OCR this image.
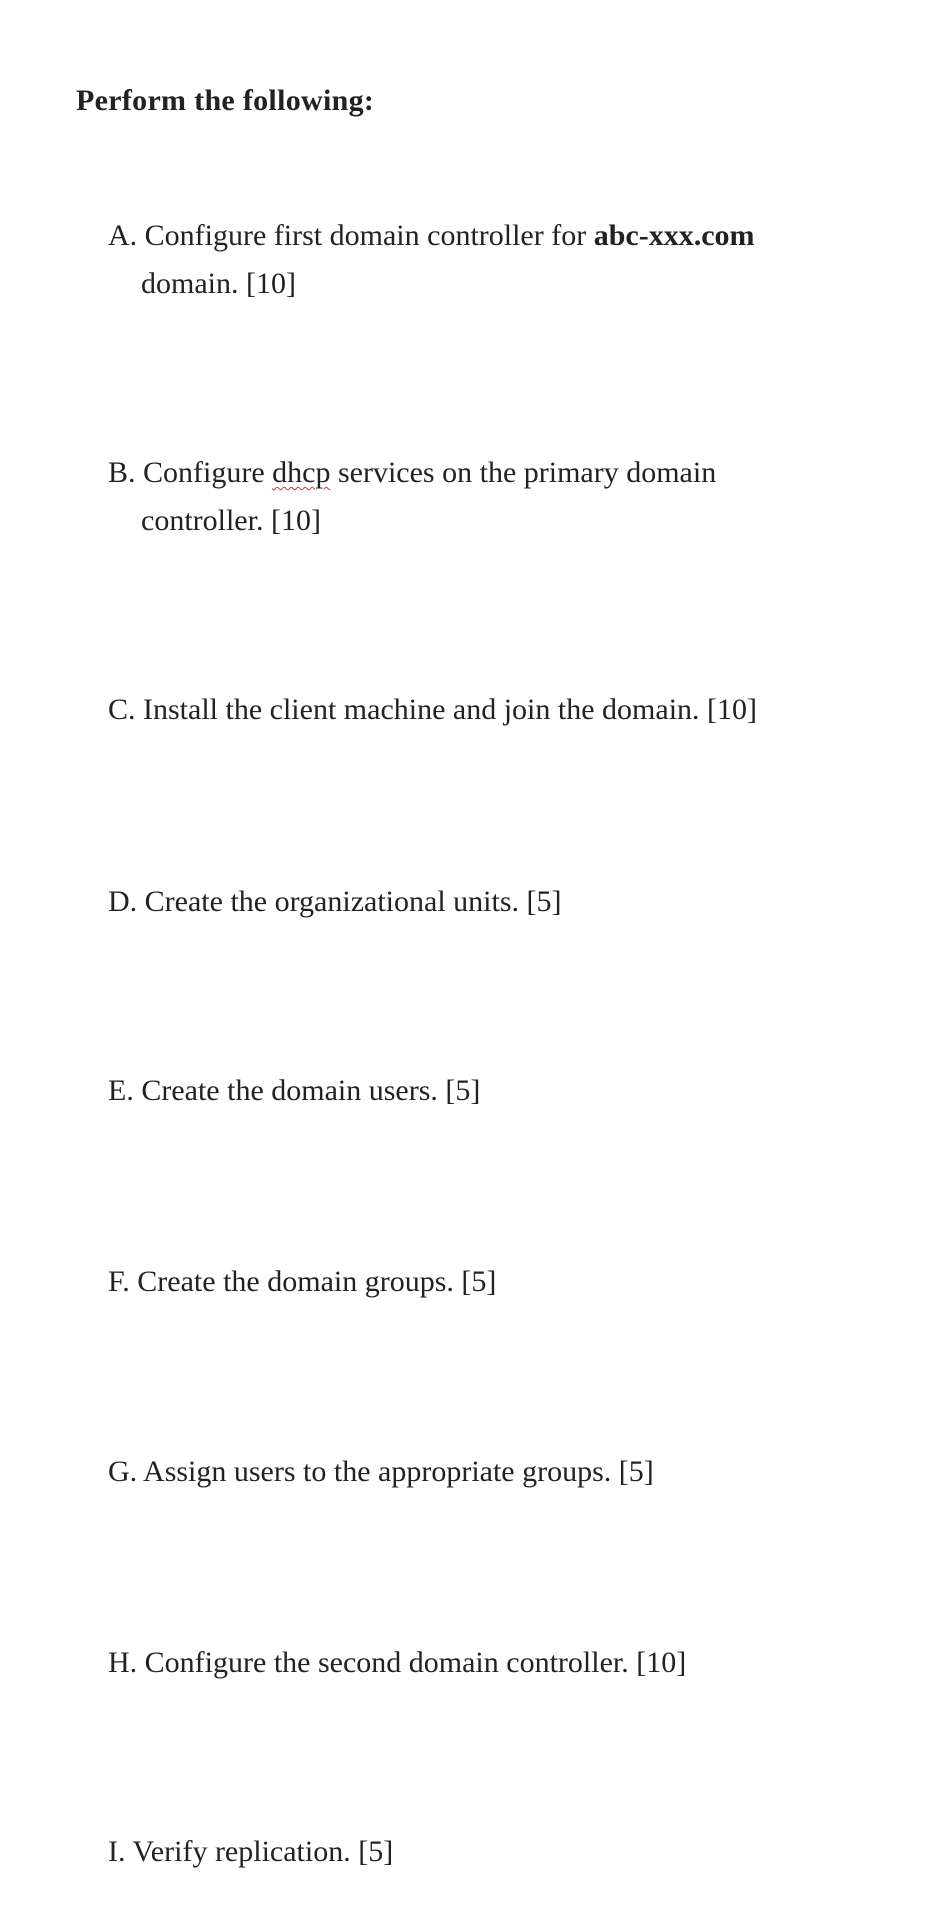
Perform the following:
A. Configure first domain controller for abc-xxx.com
domain. [10]
B. Configure dhcp services on the primary domain
controller. [10]
C. Install the client machine and join the domain. [10]
D. Create the organizational units. [5]
E. Create the domain users. [5]
F. Create the domain groups. [5]
G. Assign users to the appropriate groups. [5]
H. Configure the second domain controller. [10]
I. Verify replication. [5]
